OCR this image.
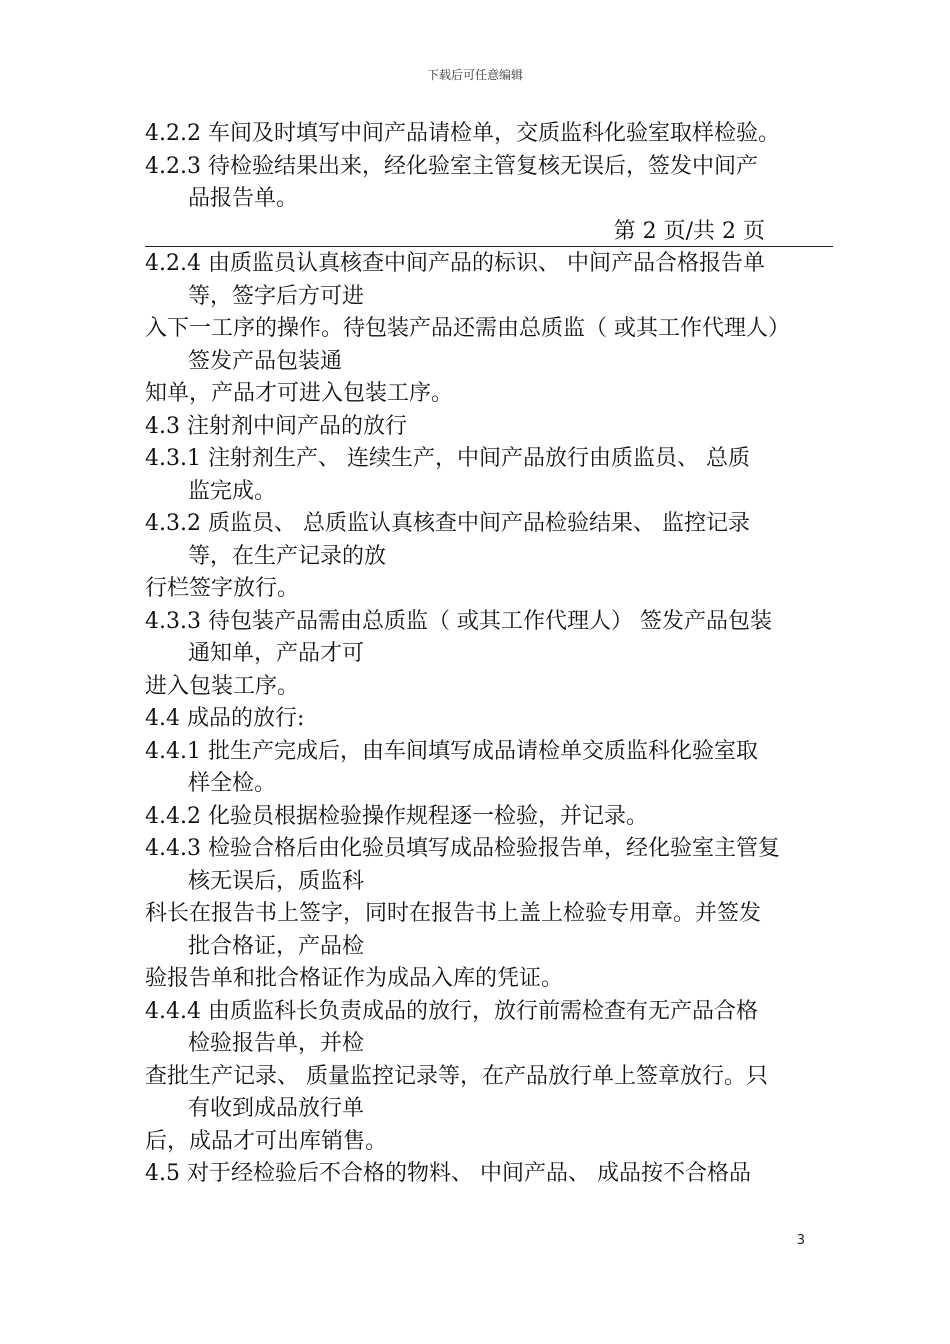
下载后可任意编辑

4.2.2 车间及时填写中间产品请检单，交质监科化验室取样检验。

4.2.3 待检验结果出来，经化验室主管复核无误后，签发中间产

品报告单。

第 2 页/共 2 页

4.2.4 由质监员认真核查中间产品的标识、 中间产品合格报告单

等，签字后方可进

入下一工序的操作。待包装产品还需由总质监（ 或其工作代理人）

签发产品包装通

知单，产品才可进入包装工序。

4.3 注射剂中间产品的放行

4.3.1 注射剂生产、 连续生产，中间产品放行由质监员、 总质

监完成。

4.3.2 质监员、 总质监认真核查中间产品检验结果、 监控记录

等，在生产记录的放

行栏签字放行。

4.3.3 待包装产品需由总质监（ 或其工作代理人） 签发产品包装

通知单，产品才可

进入包装工序。

4.4 成品的放行:

4.4.1 批生产完成后，由车间填写成品请检单交质监科化验室取

样全检。

4.4.2 化验员根据检验操作规程逐一检验，并记录。

4.4.3 检验合格后由化验员填写成品检验报告单，经化验室主管复

核无误后，质监科

科长在报告书上签字，同时在报告书上盖上检验专用章。并签发

批合格证，产品检

验报告单和批合格证作为成品入库的凭证。

4.4.4 由质监科长负责成品的放行，放行前需检查有无产品合格

检验报告单，并检

查批生产记录、 质量监控记录等，在产品放行单上签章放行。只

有收到成品放行单

后，成品才可出库销售。

4.5 对于经检验后不合格的物料、 中间产品、 成品按不合格品

3
